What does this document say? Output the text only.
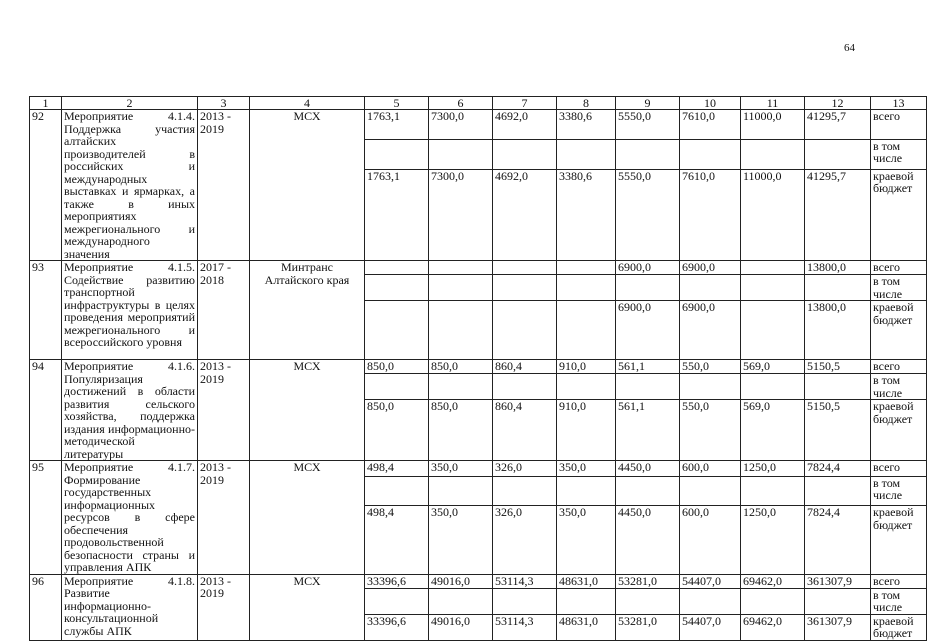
64
1	2	3	4	5	6	7	8	9	10	11	12	13
92	Мероприятие 4.1.4. Поддержка участия алтайских производителей в российских и международных выставках и ярмарках, а также в иных мероприятиях межрегионального и международного значения	2013 - 2019	МСХ	1763,1	7300,0	4692,0	3380,6	5550,0	7610,0	11000,0	41295,7	всего
												в том числе
				1763,1	7300,0	4692,0	3380,6	5550,0	7610,0	11000,0	41295,7	краевой бюджет
93	Мероприятие 4.1.5. Содействие развитию транспортной инфраструктуры в целях проведения мероприятий межрегионального и всероссийского уровня	2017 - 2018	Минтранс Алтайского края					6900,0	6900,0		13800,0	всего
												в том числе
								6900,0	6900,0		13800,0	краевой бюджет
94	Мероприятие 4.1.6. Популяризация достижений в области развития сельского хозяйства, поддержка издания информационно-методической литературы	2013 - 2019	МСХ	850,0	850,0	860,4	910,0	561,1	550,0	569,0	5150,5	всего
												в том числе
				850,0	850,0	860,4	910,0	561,1	550,0	569,0	5150,5	краевой бюджет
95	Мероприятие 4.1.7. Формирование государственных информационных ресурсов в сфере обеспечения продовольственной безопасности страны и управления АПК	2013 - 2019	МСХ	498,4	350,0	326,0	350,0	4450,0	600,0	1250,0	7824,4	всего
												в том числе
				498,4	350,0	326,0	350,0	4450,0	600,0	1250,0	7824,4	краевой бюджет
96	Мероприятие 4.1.8. Развитие информационно-консультационной службы АПК	2013 - 2019	МСХ	33396,6	49016,0	53114,3	48631,0	53281,0	54407,0	69462,0	361307,9	всего
												в том числе
				33396,6	49016,0	53114,3	48631,0	53281,0	54407,0	69462,0	361307,9	краевой бюджет
